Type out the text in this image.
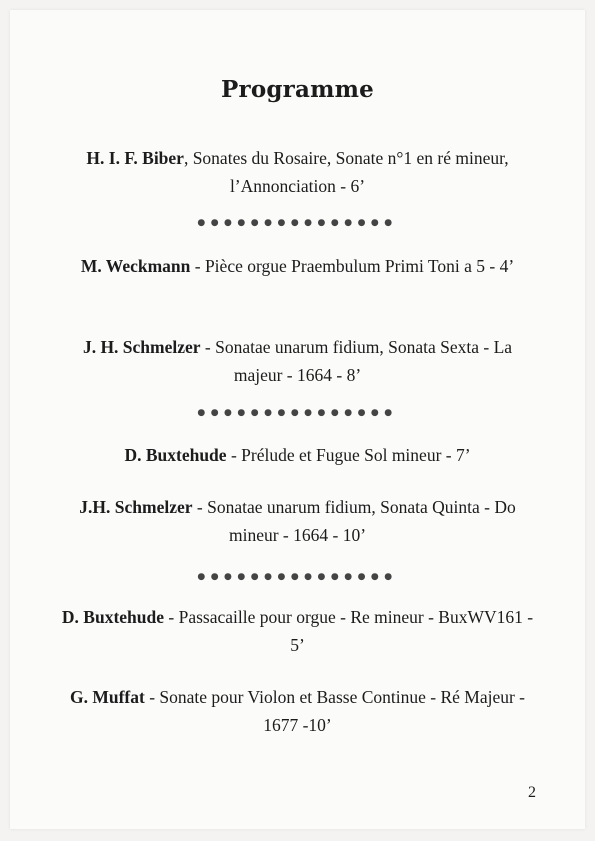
Programme
H. I. F. Biber, Sonates du Rosaire, Sonate n°1 en ré mineur, l’Annonciation - 6’
●●●●●●●●●●●●●●●
M. Weckmann - Pièce orgue Praembulum Primi Toni a 5 - 4’
J. H. Schmelzer - Sonatae unarum fidium, Sonata Sexta - La majeur - 1664 - 8’
●●●●●●●●●●●●●●●
D. Buxtehude - Prélude et Fugue Sol mineur - 7’
J.H. Schmelzer - Sonatae unarum fidium, Sonata Quinta - Do mineur - 1664 - 10’
●●●●●●●●●●●●●●●
D. Buxtehude - Passacaille pour orgue - Re mineur - BuxWV161 - 5’
G. Muffat - Sonate pour Violon et Basse Continue - Ré Majeur - 1677 -10’
2
